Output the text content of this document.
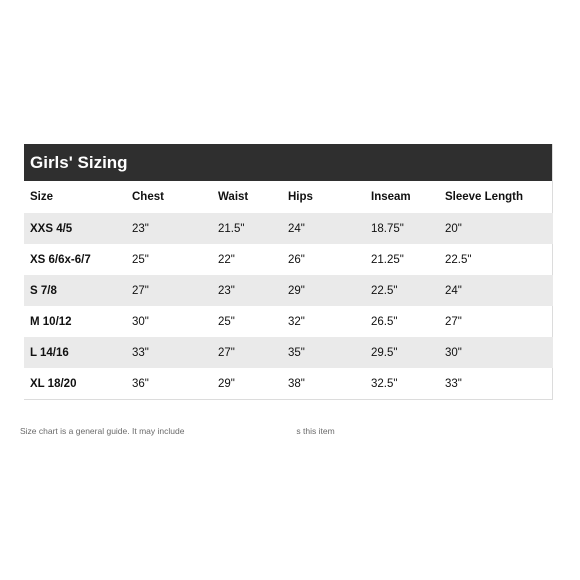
Girls' Sizing
Size	Chest	Waist	Hips	Inseam	Sleeve Length
XXS 4/5	23"	21.5"	24"	18.75"	20"
XS 6/6x-6/7	25"	22"	26"	21.25"	22.5"
S 7/8	27"	23"	29"	22.5"	24"
M 10/12	30"	25"	32"	26.5"	27"
L 14/16	33"	27"	35"	29.5"	30"
XL 18/20	36"	29"	38"	32.5"	33"
Size chart is a general guide. It may include	s this item
